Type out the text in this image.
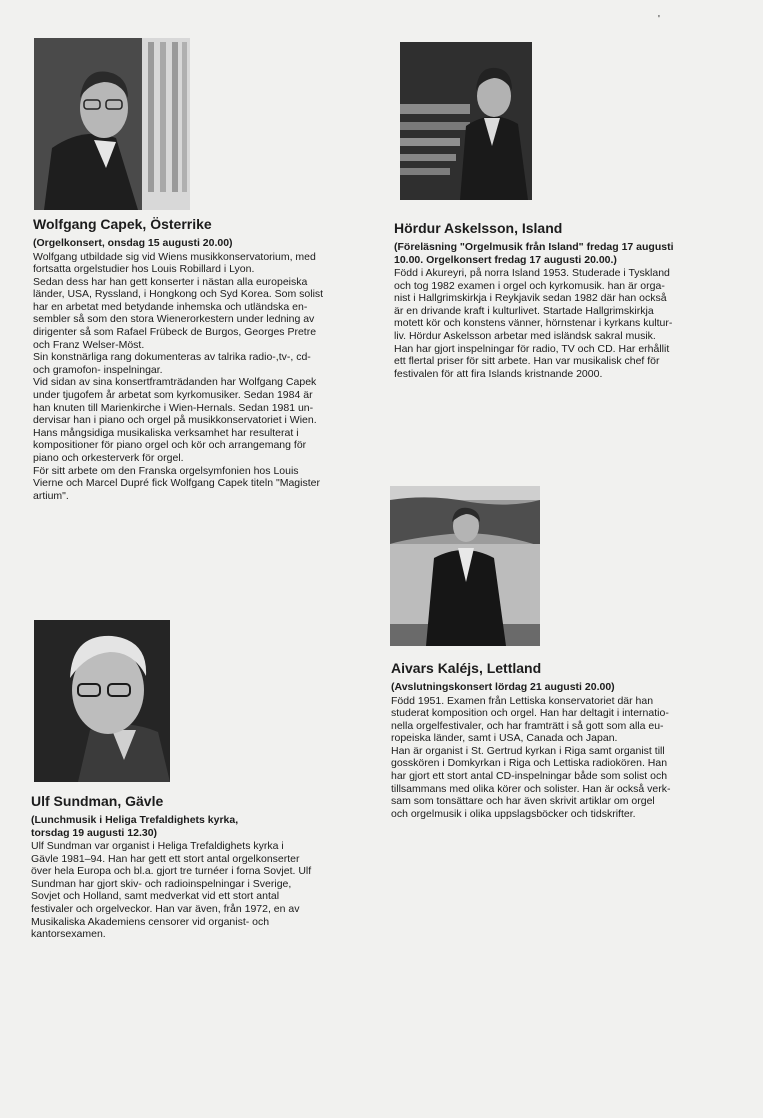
'
Wolfgang Capek, Österrike
(Orgelkonsert, onsdag 15 augusti 20.00)

Wolfgang utbildade sig vid Wiens musikkonservatorium, med
fortsatta orgelstudier hos Louis Robillard i Lyon.

Sedan dess har han gett konserter i nästan alla europeiska
länder, USA, Ryssland, i Hongkong och Syd Korea. Som solist
har en arbetat med betydande inhemska och utländska en-
sembler så som den stora Wienerorkestern under ledning av
dirigenter så som Rafael Frübeck de Burgos, Georges Pretre
och Franz Welser-Möst.

Sin konstnärliga rang dokumenteras av talrika radio-,tv-, cd-
och gramofon- inspelningar.

Vid sidan av sina konsertframträdanden har Wolfgang Capek
under tjugofem år arbetat som kyrkomusiker. Sedan 1984 är
han knuten till Marienkirche i Wien-Hernals. Sedan 1981 un-
dervisar han i piano och orgel på musikkonservatoriet i Wien.

Hans mångsidiga musikaliska verksamhet har resulterat i
kompositioner för piano orgel och kör och arrangemang för
piano och orkesterverk för orgel.

För sitt arbete om den Franska orgelsymfonien hos Louis
Vierne och Marcel Dupré fick Wolfgang Capek titeln "Magister
artium".

Hördur Askelsson, Island
(Föreläsning "Orgelmusik från Island" fredag 17 augusti
10.00. Orgelkonsert fredag 17 augusti 20.00.)

Född i Akureyri, på norra Island 1953. Studerade i Tyskland
och tog 1982 examen i orgel och kyrkomusik. han är orga-
nist i Hallgrimskirkja i Reykjavik sedan 1982 där han också
är en drivande kraft i kulturlivet. Startade Hallgrimskirkja
motett kör och konstens vänner, hörnstenar i kyrkans kultur-
liv. Hördur Askelsson arbetar med isländsk sakral musik.
Han har gjort inspelningar för radio, TV och CD. Har erhållit
ett flertal priser för sitt arbete. Han var musikalisk chef för
festivalen för att fira Islands kristnande 2000.

Aivars Kaléjs, Lettland
(Avslutningskonsert lördag 21 augusti 20.00)

Född 1951. Examen från Lettiska konservatoriet där han
studerat komposition och orgel. Han har deltagit i internatio-
nella orgelfestivaler, och har framträtt i så gott som alla eu-
ropeiska länder, samt i USA, Canada och Japan.

Han är organist i St. Gertrud kyrkan i Riga samt organist till
gosskören i Domkyrkan i Riga och Lettiska radiokören. Han
har gjort ett stort antal CD-inspelningar både som solist och
tillsammans med olika körer och solister. Han är också verk-
sam som tonsättare och har även skrivit artiklar om orgel
och orgelmusik i olika uppslagsböcker och tidskrifter.

Ulf Sundman, Gävle
(Lunchmusik i Heliga Trefaldighets kyrka,
torsdag 19 augusti 12.30)

Ulf Sundman var organist i Heliga Trefaldighets kyrka i
Gävle 1981–94. Han har gett ett stort antal orgelkonserter
över hela Europa och bl.a. gjort tre turnéer i forna Sovjet. Ulf
Sundman har gjort skiv- och radioinspelningar i Sverige,
Sovjet och Holland, samt medverkat vid ett stort antal
festivaler och orgelveckor. Han var även, från 1972, en av
Musikaliska Akademiens censorer vid organist- och
kantorsexamen.
